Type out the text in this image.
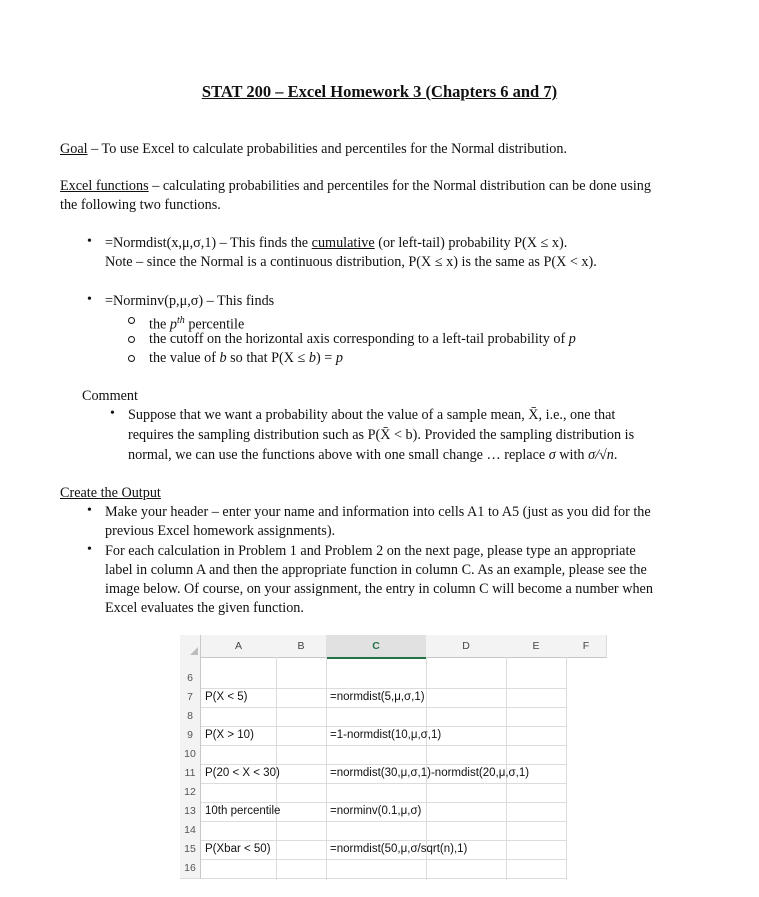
STAT 200 – Excel Homework 3 (Chapters 6 and 7)
Goal – To use Excel to calculate probabilities and percentiles for the Normal distribution.
Excel functions – calculating probabilities and percentiles for the Normal distribution can be done using
the following two functions.
• =Normdist(x,μ,σ,1) – This finds the cumulative (or left-tail) probability P(X ≤ x).
Note – since the Normal is a continuous distribution, P(X ≤ x) is the same as P(X < x).
• =Norminv(p,μ,σ) – This finds
the $p^{th}$ percentile
the cutoff on the horizontal axis corresponding to a left-tail probability of p
the value of b so that P(X ≤ b) = p
Comment
• Suppose that we want a probability about the value of a sample mean, X̄, i.e., one that
requires the sampling distribution such as P(X̄ < b). Provided the sampling distribution is
normal, we can use the functions above with one small change … replace σ with σ/√n.
Create the Output
• Make your header – enter your name and information into cells A1 to A5 (just as you did for the
previous Excel homework assignments).
• For each calculation in Problem 1 and Problem 2 on the next page, please type an appropriate
label in column A and then the appropriate function in column C. As an example, please see the
image below. Of course, on your assignment, the entry in column C will become a number when
Excel evaluates the given function.
A	B	C	D	E	F
6
7	P(X < 5)	=normdist(5,μ,σ,1)
8
9	P(X > 10)	=1-normdist(10,μ,σ,1)
10
11 P(20 < X < 30)	=normdist(30,μ,σ,1)-normdist(20,μ,σ,1)
12
13 10th percentile	=norminv(0.1,μ,σ)
14
15 P(Xbar < 50)	=normdist(50,μ,σ/sqrt(n),1)
16
